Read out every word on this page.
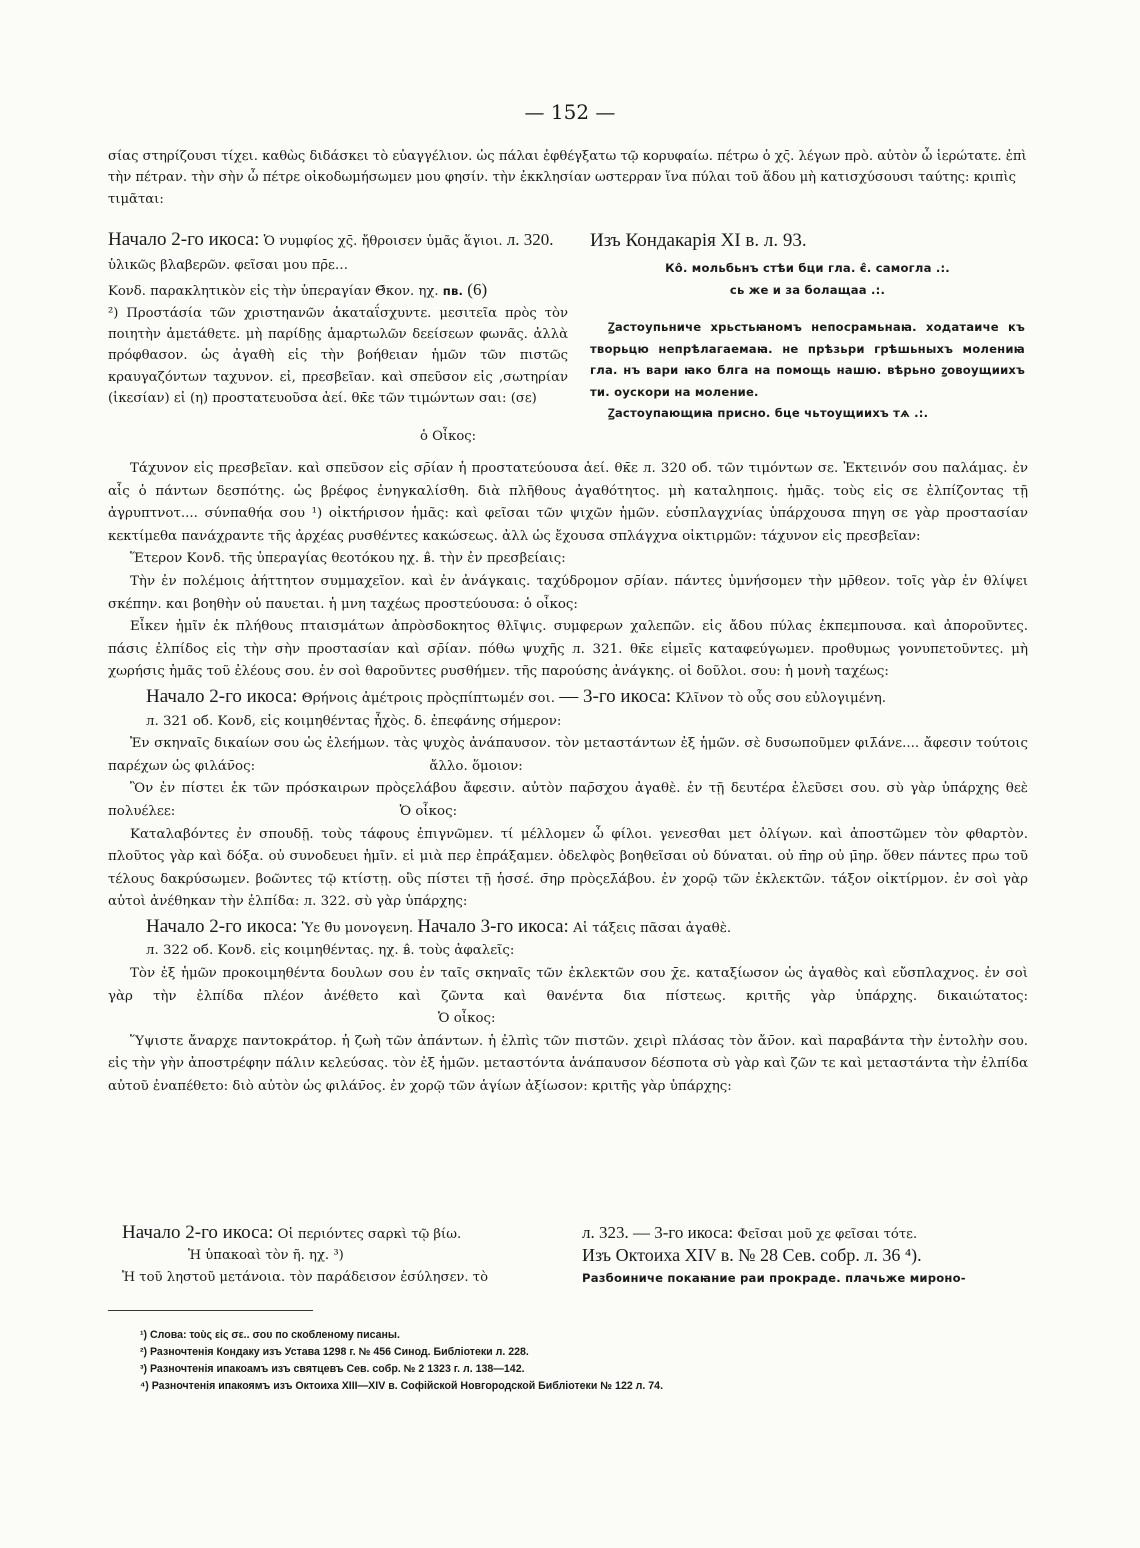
— 152 —
σίας στηρίζουσι τίχει. καθὼς διδάσκει τὸ εὐαγγέλιον. ὡς πάλαι ἐφθέγξατω τῷ κορυφαίω. πέτρω ὁ χς̄. λέγων πρὸ. αὐτὸν ὦ ἱερώτατε. ἐπὶ τὴν πέτραν. τὴν σὴν ὦ πέτρε οἰκοδωμήσωμεν μου φησίν. τὴν ἐκκλησίαν ωστερραν ἵνα πύλαι τοῦ ἅδου μὴ κατισχύσουσι ταύτης: κριπὶς τιμᾶται:
Начало 2-го икоса: Ὁ νυμφίος χς̄. ἤθροισεν ὑμᾶς ἅγιοι. л. 320. ὑλικῶς βλαβερῶν. φεῖσαι μου πρ̄ε…
Κονδ. παρακλητικὸν εἰς τὴν ὑπεραγίαν Θ̄κον. ηχ. пв. (6)
²) Προστάσία τῶν χριστηανῶν ἀκαταΐσχυντε. μεσιτεῖα πρὸς τὸν ποιητὴν ἀμετάθετε. μὴ παρίδῃς ἁμαρτωλῶν δεείσεων φωνᾶς. ἀλλὰ πρόφθασον. ὡς ἀγαθὴ εἰς τὴν βοήθειαν ἡμῶν τῶν πιστῶς κραυγαζόντων ταχυνον. εἰ, πρεσβεῖαν. καὶ σπεῦσον εἰς ,σωτηρίαν (ἱκεσίαν) εἰ (η) προστατευοῦσα ἀεί. θκ̄ε τῶν τιμώντων σαι: (σε)
ὁ Οἶκος:
Изъ Кондакарія XI в. л. 93.
Ко̂. мольбьнъ стѣи бци гла. є̂. самогла .:.
сь же и за болащаа .:.
Ꙁастоупьниче хрьстьꙗномъ непосрамьнаꙗ. ходатаиче къ творьцю непрѣлагаемаꙗ. не прѣзьри грѣшьныхъ молениꙗ гла. нъ вари ꙗко блга на помощь нашю. вѣрьно ꙁовоущиихъ ти. оускори на моление.
Ꙁастоупающиꙗ присно. бце чьтоущиихъ тѧ .:.
Τάχυνον εἰς πρεσβεῖαν. καὶ σπεῦσον εἰς σρ̄ίαν ἡ προστατεύουσα ἀεί. θκ̄ε л. 320 об. τῶν τιμόντων σε. Ἐκτεινόν σου παλάμας. ἐν αἷς ὁ πάντων δεσπότης. ὡς βρέφος ἐνηγκαλίσθη. διὰ πλῆθους ἀγαθότητος. μὴ καταληποις. ἡμᾶς. τοὺς εἰς σε ἐλπίζοντας τῇ ἀγρυπτνοτ.... σύνπαθήα σου ¹) οἰκτήρισον ἡμᾶς: καὶ φεῖσαι τῶν ψιχῶν ἡμῶν. εὐσπλαγχνίας ὑπάρχουσα πηγη σε γὰρ προστασίαν κεκτίμεθα πανάχραντε τῆς ἀρχέας ρυσθέντες κακώσεως. ἀλλ ὡς ἔχουσα σπλάγχνα οἰκτιρμῶν: τάχυνον εἰς πρεσβεῖαν:
Ἕτερον Κονδ. τῆς ὑπεραγίας θεοτόκου ηχ. в̂. τὴν ἐν πρεσβείαις:
Τὴν ἐν πολέμοις ἀήττητον συμμαχεῖον. καὶ ἐν ἀνάγκαις. ταχύδρομον σρ̄ίαν. πάντες ὑμνήσομεν τὴν μρ̄θεον. τοῖς γὰρ ἐν θλίψει σκέπην. και βοηθὴν οὐ παυεται. ἡ μνη ταχέως προστεύουσα: ὁ οἶκος:
Εἶκεν ἡμῖν ἐκ πλήθους πταισμάτων ἀπρὸσδοκητος θλῖψις. συμφερων χαλεπῶν. εἰς ἄδου πύλας ἐκπεμπουσα. καὶ ἀποροῦντες. πάσις ἐλπίδος εἰς τὴν σὴν προστασίαν καὶ σρ̄ίαν. πόθω ψυχῆς л. 321. θκ̄ε εἰμεῖς καταφεύγωμεν. προθυμως γονυπετοῦντες. μὴ χωρήσις ἡμᾶς τοῦ ἐλέους σου. ἐν σοὶ θαροῦντες ρυσθήμεν. τῆς παρούσης ἀνάγκης. οἱ δοῦλοι. σου: ἡ μονὴ ταχέως:
Начало 2-го икоса: Θρήνοις ἀμέτροις πρὸςπίπτωμέν σοι. — 3-го икоса: Κλῖνον τὸ οὖς σου εὐλογιμένη.
л. 321 об. Κονδ, εἰς κοιμηθέντας ἦχὸς. δ. ἐπεφάνης σήμερον:
Ἐν σκηναῖς δικαίων σου ὡς ἐλεήμων. τὰς ψυχὸς ἀνάπαυσον. τὸν μεταστάντων ἐξ ἡμῶν. σὲ δυσωποῦμεν φιλ̄άνε.... ἄφεσιν τούτοις παρέχων ὡς φιλάν̄ος:	ἄλλο. ὅμοιον:
Ὃν ἐν πίστει ἐκ τῶν πρόσκαιρων πρὸςελάβου ἄφεσιν. αὐτὸν παρ̄σχου ἀγαθὲ. ἐν τῇ δευτέρα ἐλεῦσει σου. σὺ γὰρ ὑπάρχης θεὲ πολυέλεε:	Ὁ οἶκος:
Καταλαβόντες ἐν σπουδῇ. τοὺς τάφους ἐπιγνῶμεν. τί μέλλομεν ὦ φίλοι. γενεσθαι μετ ὀλίγων. καὶ ἀποστῶμεν τὸν φθαρτὸν. πλοῦτος γὰρ καὶ δόξα. οὐ συνοδευει ἡμῖν. εἰ μιὰ περ ἐπράξαμεν. ὀδελφὸς βοηθεῖσαι οὐ δύναται. οὐ π̄ηρ οὐ μ̄ηρ. ὅθεν πάντες πρω τοῦ τέλους δακρύσωμεν. βοῶντες τῷ κτίστῃ. οὓς πίστει τῇ ἡσσέ. σ̄ηρ πρὸςελ̄άβου. ἐν χορῷ τῶν ἐκλεκτῶν. τάξον οἰκτίρμον. ἐν σοὶ γὰρ αὐτοὶ ἀνέθηκαν τὴν ἐλπίδα: л. 322. σὺ γὰρ ὑπάρχης:
Начало 2-го икоса: Ὑε θ̄υ μονογενη. Начало 3-го икоса: Αἱ τάξεις πᾶσαι ἀγαθὲ.
л. 322 об. Κονδ. εἰς κοιμηθέντας. ηχ. в̂. τοὺς ἀφαλεῖς:
Τὸν ἐξ ἡμῶν προκοιμηθέντα δουλων σου ἐν ταῖς σκηναῖς τῶν ἐκλεκτῶν σου χ̄ε. καταξίωσον ὡς ἀγαθὸς καὶ εὔσπλαχνος. ἐν σοὶ γὰρ τὴν ἐλπίδα πλέον ἀνέθετο καὶ ζῶντα καὶ θανέντα δια πίστεως. κριτῆς γὰρ ὑπάρχης. δικαιώτατος: Ὁ οἶκος:
Ὕψιστε ἄναρχε παντοκράτορ. ἡ ζωὴ τῶν ἀπάντων. ἡ ἐλπὶς τῶν πιστῶν. χειρὶ πλάσας τὸν ἄν̄ον. καὶ παραβάντα τὴν ἐντολὴν σου. εἰς τὴν γὴν ἀποστρέφην πάλιν κελεύσας. τὸν ἐξ ἡμῶν. μεταστόντα ἀνάπαυσον δέσποτα σὺ γὰρ καὶ ζῶν τε καὶ μεταστάντα τὴν ἐλπίδα αὐτοῦ ἐναπέθετο: διὸ αὐτὸν ὡς φιλάν̄ος. ἐν χορῷ τῶν ἁγίων ἀξίωσον: κριτῆς γὰρ ὑπάρχης:
Начало 2-го икоса: Οἱ περιόντες σαρκὶ τῷ βίω.
Ἡ ὑπακοαὶ τὸν ῆ. ηχ. ³)
Ἡ τοῦ ληστοῦ μετάνοια. τὸν παράδεισον ἐσύλησεν. τὸ
л. 323. — 3-го икоса: Φεῖσαι μοῦ χε φεῖσαι τότε.
Изъ Октоиха XIV в. № 28 Сев. собр. л. 36 ⁴).
Разбоиниче покаꙗние раи прокраде. плачьже мироно-
¹) Слова: τοὺς εἰς σε.. σου по скобленому писаны.
²) Разночтенія Кондаку изъ Устава 1298 г. № 456 Синод. Библіотеки л. 228.
³) Разночтенія ипакоамъ изъ святцевъ Сев. собр. № 2 1323 г. л. 138—142.
⁴) Разночтенія ипакоямъ изъ Октоиха XIII—XIV в. Софійской Новгородской Библіотеки № 122 л. 74.
